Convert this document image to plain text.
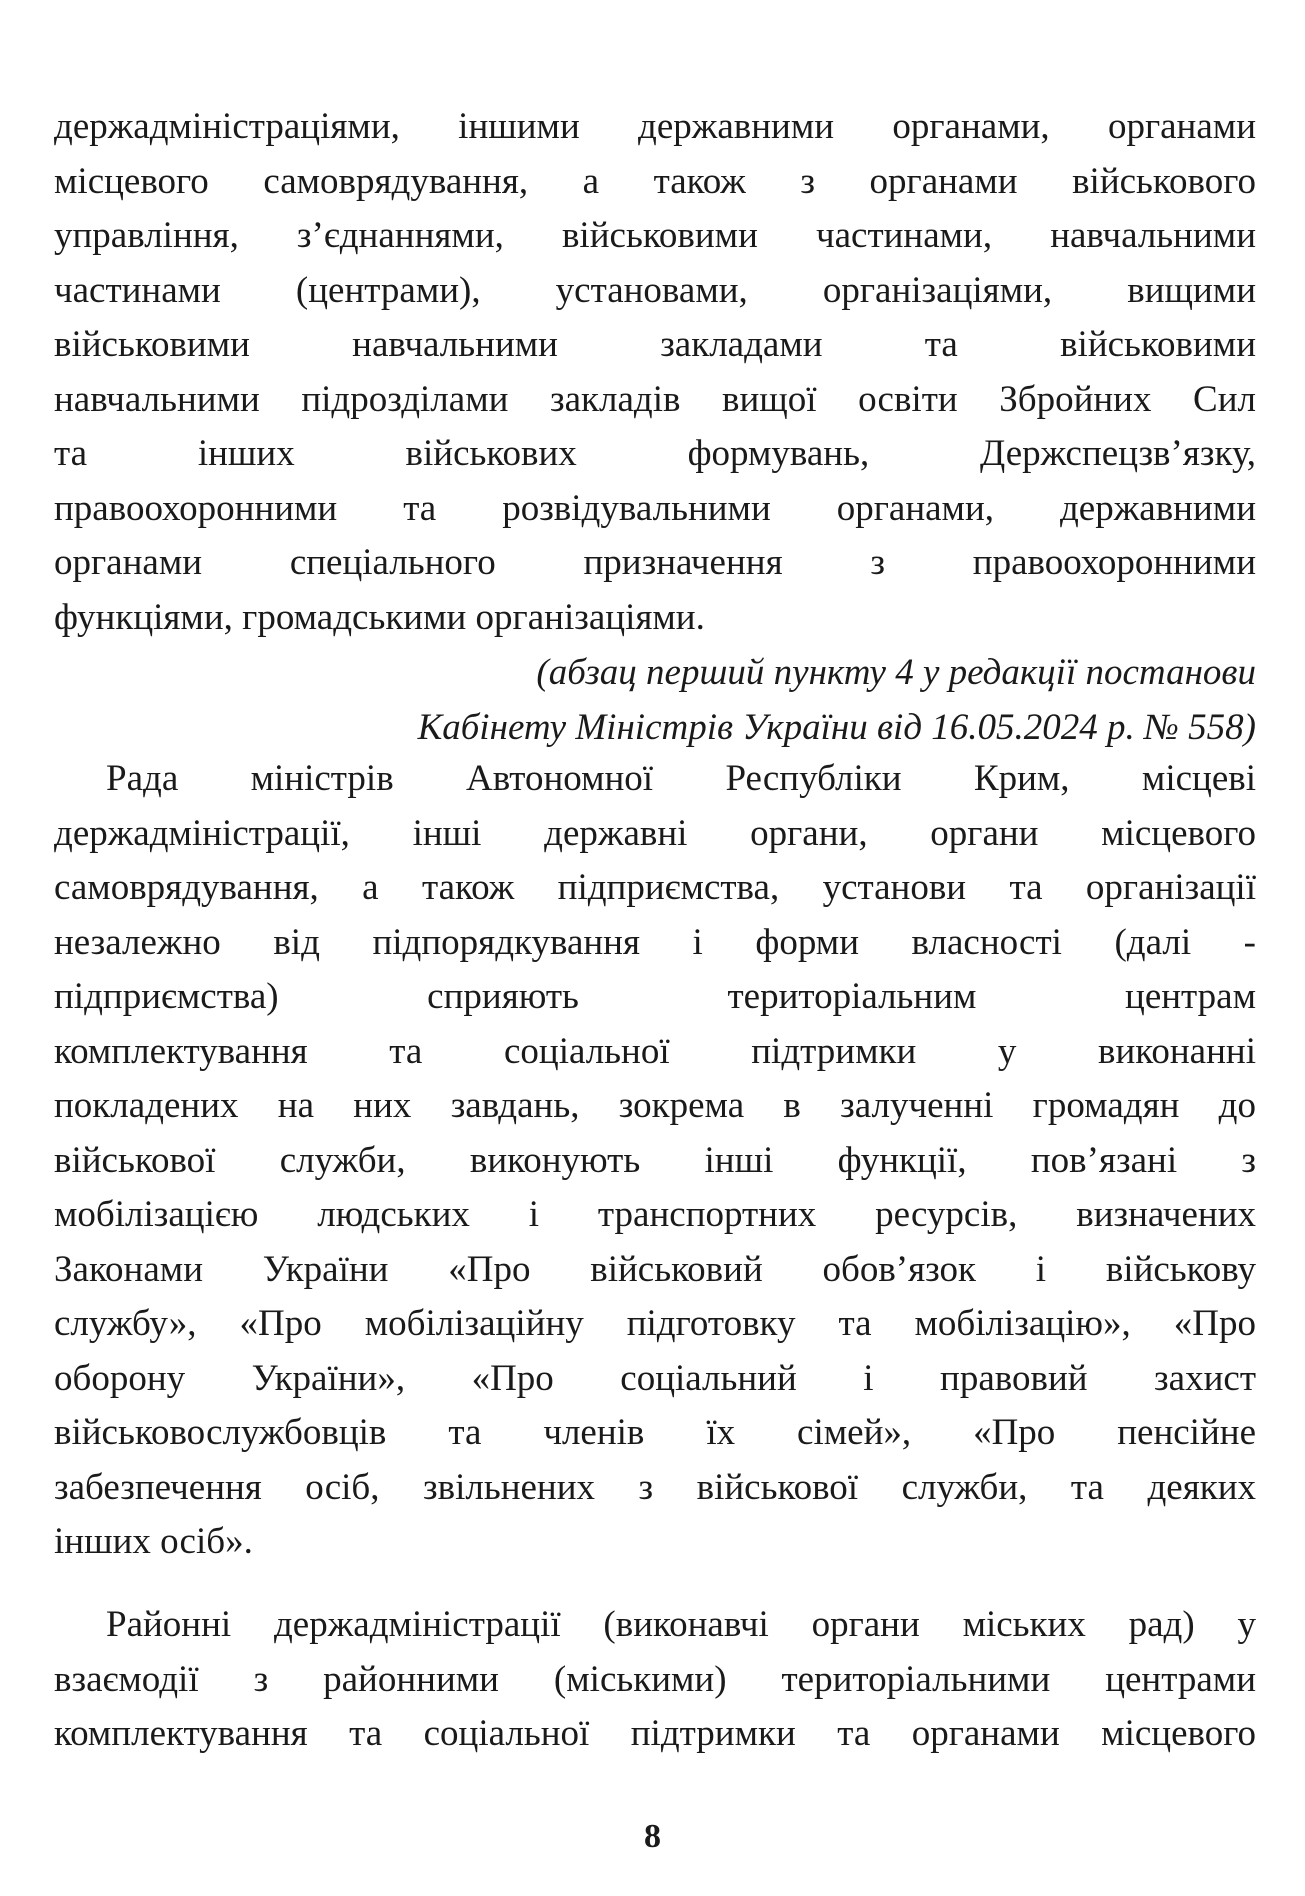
держадміністраціями, іншими державними органами, органами
місцевого самоврядування, а також з органами військового
управління, з’єднаннями, військовими частинами, навчальними
частинами (центрами), установами, організаціями, вищими
військовими навчальними закладами та військовими
навчальними підрозділами закладів вищої освіти Збройних Сил
та інших військових формувань, Держспецзв’язку,
правоохоронними та розвідувальними органами, державними
органами спеціального призначення з правоохоронними
функціями, громадськими організаціями.
(абзац перший пункту 4 у редакції постанови
Кабінету Міністрів України від 16.05.2024 р. № 558)
Рада міністрів Автономної Республіки Крим, місцеві
держадміністрації, інші державні органи, органи місцевого
самоврядування, а також підприємства, установи та організації
незалежно від підпорядкування і форми власності (далі -
підприємства) сприяють територіальним центрам
комплектування та соціальної підтримки у виконанні
покладених на них завдань, зокрема в залученні громадян до
військової служби, виконують інші функції, пов’язані з
мобілізацією людських і транспортних ресурсів, визначених
Законами України «Про військовий обов’язок і військову
службу», «Про мобілізаційну підготовку та мобілізацію», «Про
оборону України», «Про соціальний і правовий захист
військовослужбовців та членів їх сімей», «Про пенсійне
забезпечення осіб, звільнених з військової служби, та деяких
інших осіб».
Районні держадміністрації (виконавчі органи міських рад) у
взаємодії з районними (міськими) територіальними центрами
комплектування та соціальної підтримки та органами місцевого
8
